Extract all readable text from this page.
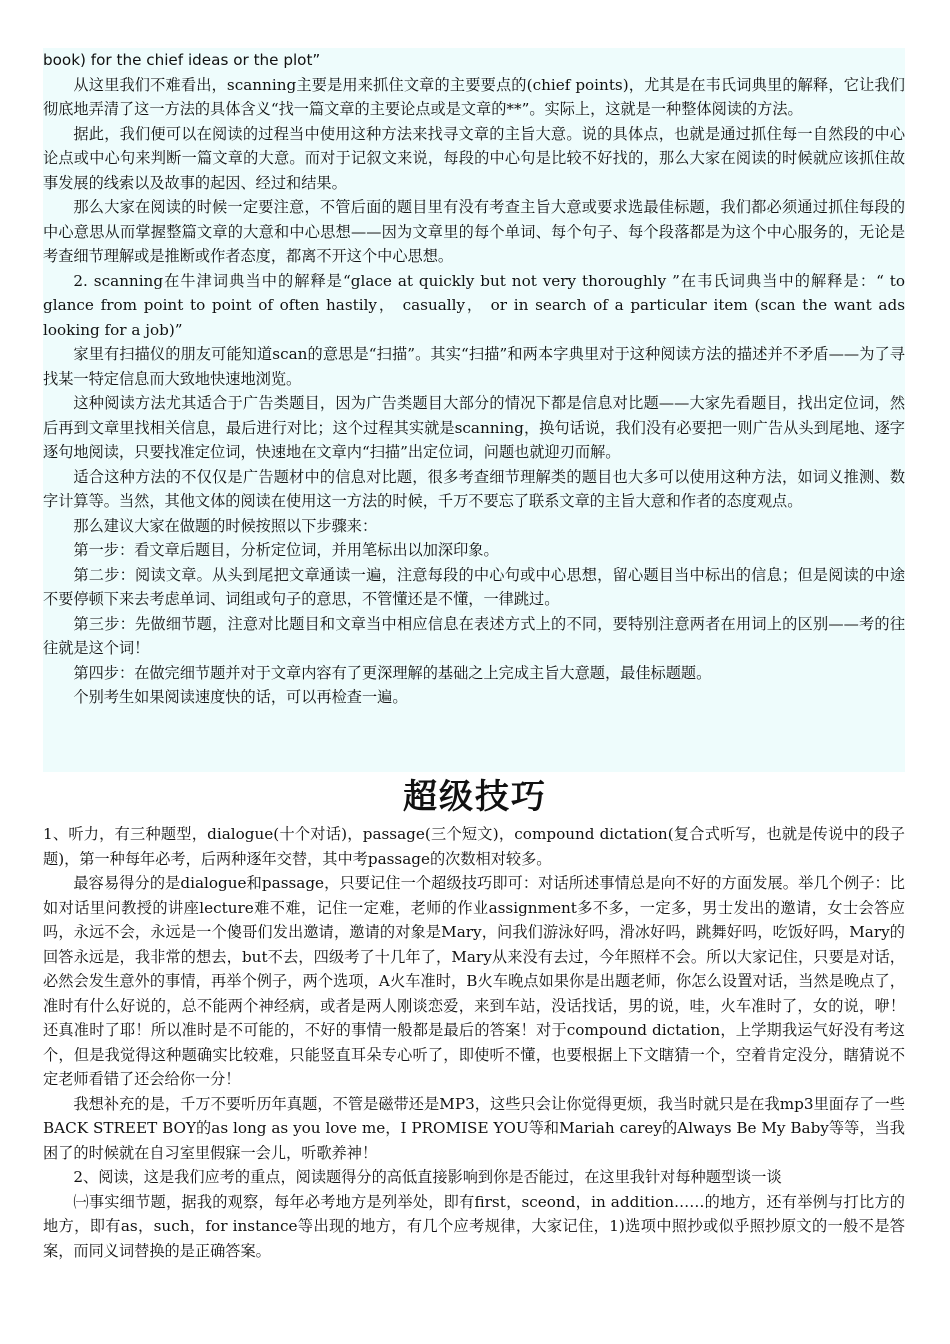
book) for the chief ideas or the plot”

从这里我们不难看出，scanning主要是用来抓住文章的主要要点的(chief points)，尤其是在韦氏词典里的解释，它让我们彻底地弄清了这一方法的具体含义“找一篇文章的主要论点或是文章的**”。实际上，这就是一种整体阅读的方法。

据此，我们便可以在阅读的过程当中使用这种方法来找寻文章的主旨大意。说的具体点，也就是通过抓住每一自然段的中心论点或中心句来判断一篇文章的大意。而对于记叙文来说，每段的中心句是比较不好找的，那么大家在阅读的时候就应该抓住故事发展的线索以及故事的起因、经过和结果。

那么大家在阅读的时候一定要注意，不管后面的题目里有没有考查主旨大意或要求选最佳标题，我们都必须通过抓住每段的中心意思从而掌握整篇文章的大意和中心思想——因为文章里的每个单词、每个句子、每个段落都是为这个中心服务的，无论是考查细节理解或是推断或作者态度，都离不开这个中心思想。

2. scanning在牛津词典当中的解释是“glace at quickly but not very thoroughly ”在韦氏词典当中的解释是：“ to glance from point to point of often hastily， casually， or in search of a particular item (scan the want ads looking for a job)”

家里有扫描仪的朋友可能知道scan的意思是“扫描”。其实“扫描”和两本字典里对于这种阅读方法的描述并不矛盾——为了寻找某一特定信息而大致地快速地浏览。

这种阅读方法尤其适合于广告类题目，因为广告类题目大部分的情况下都是信息对比题——大家先看题目，找出定位词，然后再到文章里找相关信息，最后进行对比；这个过程其实就是scanning，换句话说，我们没有必要把一则广告从头到尾地、逐字逐句地阅读，只要找准定位词，快速地在文章内“扫描”出定位词，问题也就迎刃而解。

适合这种方法的不仅仅是广告题材中的信息对比题，很多考查细节理解类的题目也大多可以使用这种方法，如词义推测、数字计算等。当然，其他文体的阅读在使用这一方法的时候，千万不要忘了联系文章的主旨大意和作者的态度观点。

那么建议大家在做题的时候按照以下步骤来：

第一步：看文章后题目，分析定位词，并用笔标出以加深印象。

第二步：阅读文章。从头到尾把文章通读一遍，注意每段的中心句或中心思想，留心题目当中标出的信息；但是阅读的中途不要停顿下来去考虑单词、词组或句子的意思，不管懂还是不懂，一律跳过。

第三步：先做细节题，注意对比题目和文章当中相应信息在表述方式上的不同，要特别注意两者在用词上的区别——考的往往就是这个词！

第四步：在做完细节题并对于文章内容有了更深理解的基础之上完成主旨大意题，最佳标题题。

个别考生如果阅读速度快的话，可以再检查一遍。

超级技巧

1、听力，有三种题型，dialogue(十个对话)，passage(三个短文)，compound dictation(复合式听写，也就是传说中的段子题)，第一种每年必考，后两种逐年交替，其中考passage的次数相对较多。

最容易得分的是dialogue和passage，只要记住一个超级技巧即可：对话所述事情总是向不好的方面发展。举几个例子：比如对话里问教授的讲座lecture难不难，记住一定难，老师的作业assignment多不多，一定多，男士发出的邀请，女士会答应吗，永远不会，永远是一个傻哥们发出邀请，邀请的对象是Mary，问我们游泳好吗，滑冰好吗，跳舞好吗，吃饭好吗，Mary的回答永远是，我非常的想去，but不去，四级考了十几年了，Mary从来没有去过，今年照样不会。所以大家记住，只要是对话，必然会发生意外的事情，再举个例子，两个选项，A火车准时，B火车晚点如果你是出题老师，你怎么设置对话，当然是晚点了，准时有什么好说的，总不能两个神经病，或者是两人刚谈恋爱，来到车站，没话找话，男的说，哇，火车准时了，女的说，咿！还真准时了耶！所以准时是不可能的，不好的事情一般都是最后的答案！对于compound dictation，上学期我运气好没有考这个，但是我觉得这种题确实比较难，只能竖直耳朵专心听了，即使听不懂，也要根据上下文瞎猜一个，空着肯定没分，瞎猜说不定老师看错了还会给你一分！

我想补充的是，千万不要听历年真题，不管是磁带还是MP3，这些只会让你觉得更烦，我当时就只是在我mp3里面存了一些BACK STREET BOY的as long as you love me，I PROMISE YOU等和Mariah carey的Always Be My Baby等等，当我困了的时候就在自习室里假寐一会儿，听歌养神！

2、阅读，这是我们应考的重点，阅读题得分的高低直接影响到你是否能过，在这里我针对每种题型谈一谈

㈠事实细节题，据我的观察，每年必考地方是列举处，即有first，sceond，in addition……的地方，还有举例与打比方的地方，即有as，such，for instance等出现的地方，有几个应考规律，大家记住，1)选项中照抄或似乎照抄原文的一般不是答案，而同义词替换的是正确答案。
